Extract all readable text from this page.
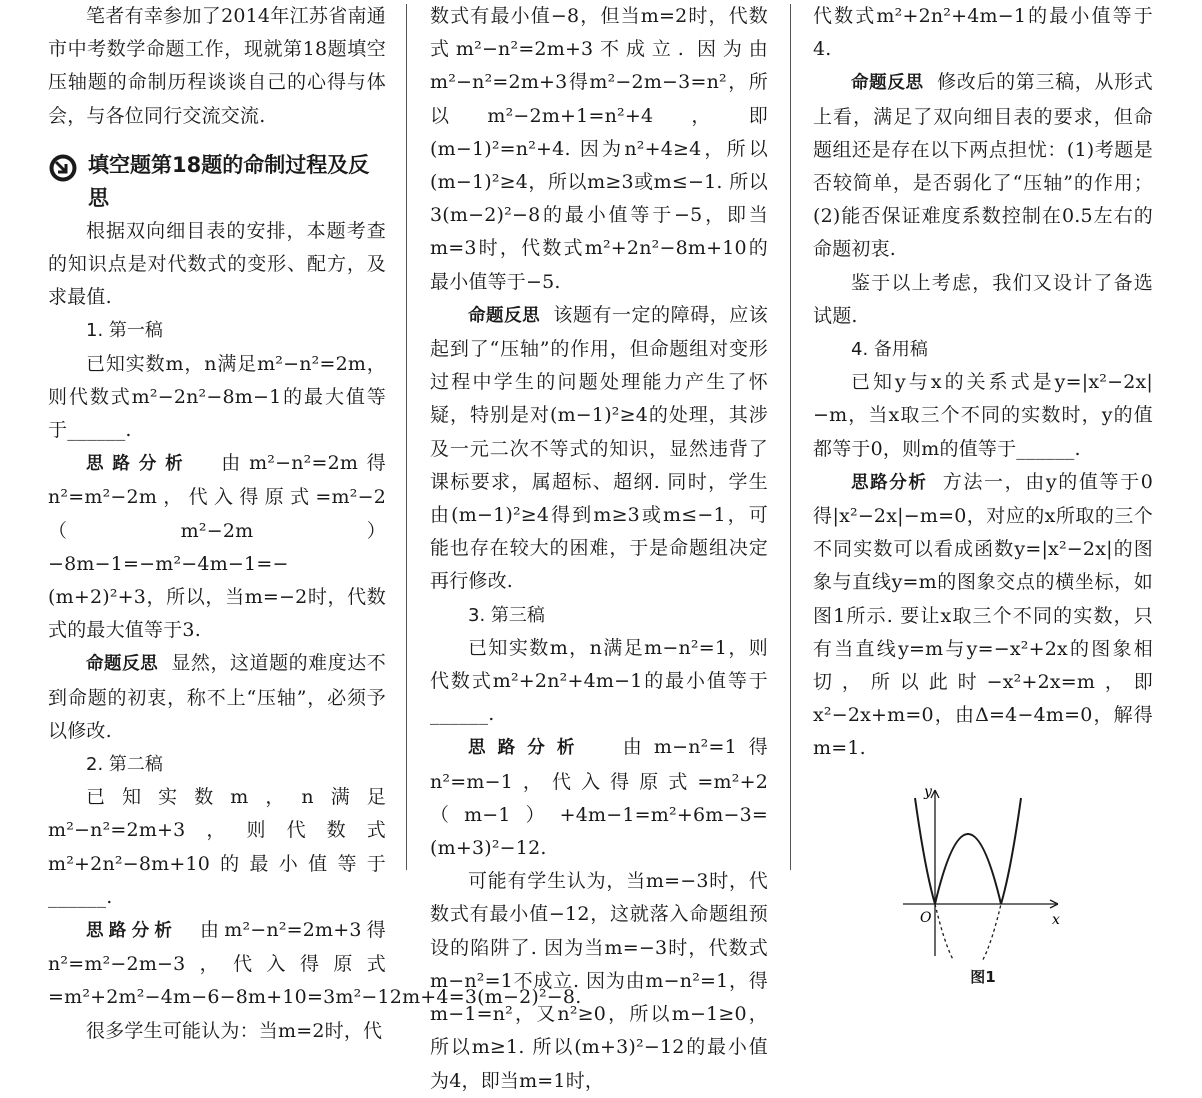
笔者有幸参加了2014年江苏省南通市中考数学命题工作，现就第18题填空压轴题的命制历程谈谈自己的心得与体会，与各位同行交流交流.

填空题第18题的命制过程及反思

根据双向细目表的安排，本题考查的知识点是对代数式的变形、配方，及求最值.

1. 第一稿

已知实数m，n满足m²−n²=2m，则代数式m²−2n²−8m−1的最大值等于______.

思路分析 由m²−n²=2m得n²=m²−2m，代入得原式=m²−2（m²−2m）−8m−1=−m²−4m−1=−(m+2)²+3，所以，当m=−2时，代数式的最大值等于3.

命题反思 显然，这道题的难度达不到命题的初衷，称不上“压轴”，必须予以修改.

2. 第二稿

已知实数m，n满足m²−n²=2m+3，则代数式m²+2n²−8m+10的最小值等于______.

思路分析 由m²−n²=2m+3得n²=m²−2m−3，代入得原式=m²+2m²−4m−6−8m+10=3m²−12m+4=3(m−2)²−8.

很多学生可能认为：当m=2时，代

数式有最小值−8，但当m=2时，代数式m²−n²=2m+3不成立. 因为由m²−n²=2m+3得m²−2m−3=n²，所以m²−2m+1=n²+4，即(m−1)²=n²+4. 因为n²+4≥4，所以(m−1)²≥4，所以m≥3或m≤−1. 所以3(m−2)²−8的最小值等于−5，即当m=3时，代数式m²+2n²−8m+10的最小值等于−5.

命题反思 该题有一定的障碍，应该起到了“压轴”的作用，但命题组对变形过程中学生的问题处理能力产生了怀疑，特别是对(m−1)²≥4的处理，其涉及一元二次不等式的知识，显然违背了课标要求，属超标、超纲. 同时，学生由(m−1)²≥4得到m≥3或m≤−1，可能也存在较大的困难，于是命题组决定再行修改.

3. 第三稿

已知实数m，n满足m−n²=1，则代数式m²+2n²+4m−1的最小值等于______.

思路分析 由m−n²=1得n²=m−1，代入得原式=m²+2（m−1）+4m−1=m²+6m−3=(m+3)²−12.

可能有学生认为，当m=−3时，代数式有最小值−12，这就落入命题组预设的陷阱了. 因为当m=−3时，代数式m−n²=1不成立. 因为由m−n²=1，得m−1=n²，又n²≥0，所以m−1≥0，所以m≥1. 所以(m+3)²−12的最小值为4，即当m=1时，

代数式m²+2n²+4m−1的最小值等于4.

命题反思 修改后的第三稿，从形式上看，满足了双向细目表的要求，但命题组还是存在以下两点担忧：(1)考题是否较简单，是否弱化了“压轴”的作用；(2)能否保证难度系数控制在0.5左右的命题初衷.

鉴于以上考虑，我们又设计了备选试题.

4. 备用稿

已知y与x的关系式是y=|x²−2x|−m，当x取三个不同的实数时，y的值都等于0，则m的值等于______.

思路分析 方法一，由y的值等于0得|x²−2x|−m=0，对应的x所取的三个不同实数可以看成函数y=|x²−2x|的图象与直线y=m的图象交点的横坐标，如图1所示. 要让x取三个不同的实数，只有当直线y=m与y=−x²+2x的图象相切，所以此时−x²+2x=m，即x²−2x+m=0，由Δ=4−4m=0，解得m=1.

y
x
O
图1
